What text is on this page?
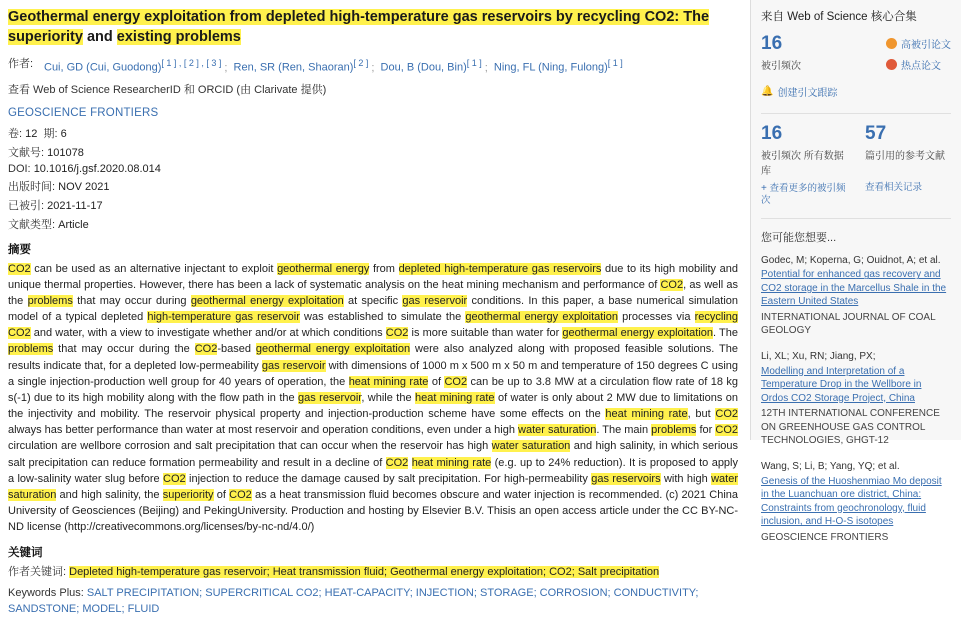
Geothermal energy exploitation from depleted high-temperature gas reservoirs by recycling CO2: The superiority and existing problems
作者: Cui, GD (Cui, Guodong)[ 1 ] , [ 2 ] , [ 3 ] ; Ren, SR (Ren, Shaoran)[ 2 ] ; Dou, B (Dou, Bin)[ 1 ] ; Ning, FL (Ning, Fulong)[ 1 ]
查看 Web of Science ResearcherID 和 ORCID (由 Clarivate 提供)
GEOSCIENCE FRONTIERS
卷: 12 期: 6
文献号: 101078
DOI: 10.1016/j.gsf.2020.08.014
出版时间: NOV 2021
已被引: 2021-11-17
文献类型: Article
摘要
CO2 can be used as an alternative injectant to exploit geothermal energy from depleted high-temperature gas reservoirs due to its high mobility and unique thermal properties. However, there has been a lack of systematic analysis on the heat mining mechanism and performance of CO2, as well as the problems that may occur during geothermal energy exploitation at specific gas reservoir conditions. In this paper, a base numerical simulation model of a typical depleted high-temperature gas reservoir was established to simulate the geothermal energy exploitation processes via recycling CO2 and water, with a view to investigate whether and/or at which conditions CO2 is more suitable than water for geothermal energy exploitation. The problems that may occur during the CO2-based geothermal energy exploitation were also analyzed along with proposed feasible solutions. The results indicate that, for a depleted low-permeability gas reservoir with dimensions of 1000 m x 500 m x 50 m and temperature of 150 degrees C using a single injection-production well group for 40 years of operation, the heat mining rate of CO2 can be up to 3.8 MW at a circulation flow rate of 18 kg s(-1) due to its high mobility along with the flow path in the gas reservoir, while the heat mining rate of water is only about 2 MW due to limitations on the injectivity and mobility. The reservoir physical property and injection-production scheme have some effects on the heat mining rate, but CO2 always has better performance than water at most reservoir and operation conditions, even under a high water saturation. The main problems for CO2 circulation are wellbore corrosion and salt precipitation that can occur when the reservoir has high water saturation and high salinity, in which serious salt precipitation can reduce formation permeability and result in a decline of CO2 heat mining rate (e.g. up to 24% reduction). It is proposed to apply a low-salinity water slug before CO2 injection to reduce the damage caused by salt precipitation. For high-permeability gas reservoirs with high water saturation and high salinity, the superiority of CO2 as a heat transmission fluid becomes obscure and water injection is recommended. (c) 2021 China University of Geosciences (Beijing) and PekingUniversity. Production and hosting by Elsevier B.V. Thisis an open access article under the CC BY-NC-ND license (http://creativecommons.org/licenses/by-nc-nd/4.0/)
关键词
作者关键词: Depleted high-temperature gas reservoir; Heat transmission fluid; Geothermal energy exploitation; CO2; Salt precipitation
Keywords Plus: SALT PRECIPITATION; SUPERCRITICAL CO2; HEAT-CAPACITY; INJECTION; STORAGE; CORROSION; CONDUCTIVITY; SANDSTONE; MODEL; FLUID
来自 Web of Science 核心合集
16
被引频次
高被引论文
热点论文
🔔 创建引文跟踪
16
被引频次 所有数据库
57
篇引用的参考文献
+ 查看更多的被引频次
查看相关记录
您可能您想要...
Godec, M; Koperna, G; Ouidnot, A; et al.
Potential for enhanced gas recovery and CO2 storage in the Marcellus Shale in the Eastern United States
INTERNATIONAL JOURNAL OF COAL GEOLOGY
Li, XL; Xu, RN; Jiang, PX;
Modelling and Interpretation of a Temperature Drop in the Wellbore in Ordos CO2 Storage Project, China
12TH INTERNATIONAL CONFERENCE ON GREENHOUSE GAS CONTROL TECHNOLOGIES, GHGT-12
Wang, S; Li, B; Yang, YQ; et al.
Genesis of the Huoshenmiao Mo deposit in the Luanchuan ore district, China: Constraints from geochronology, fluid inclusion, and H-O-S isotopes
GEOSCIENCE FRONTIERS
